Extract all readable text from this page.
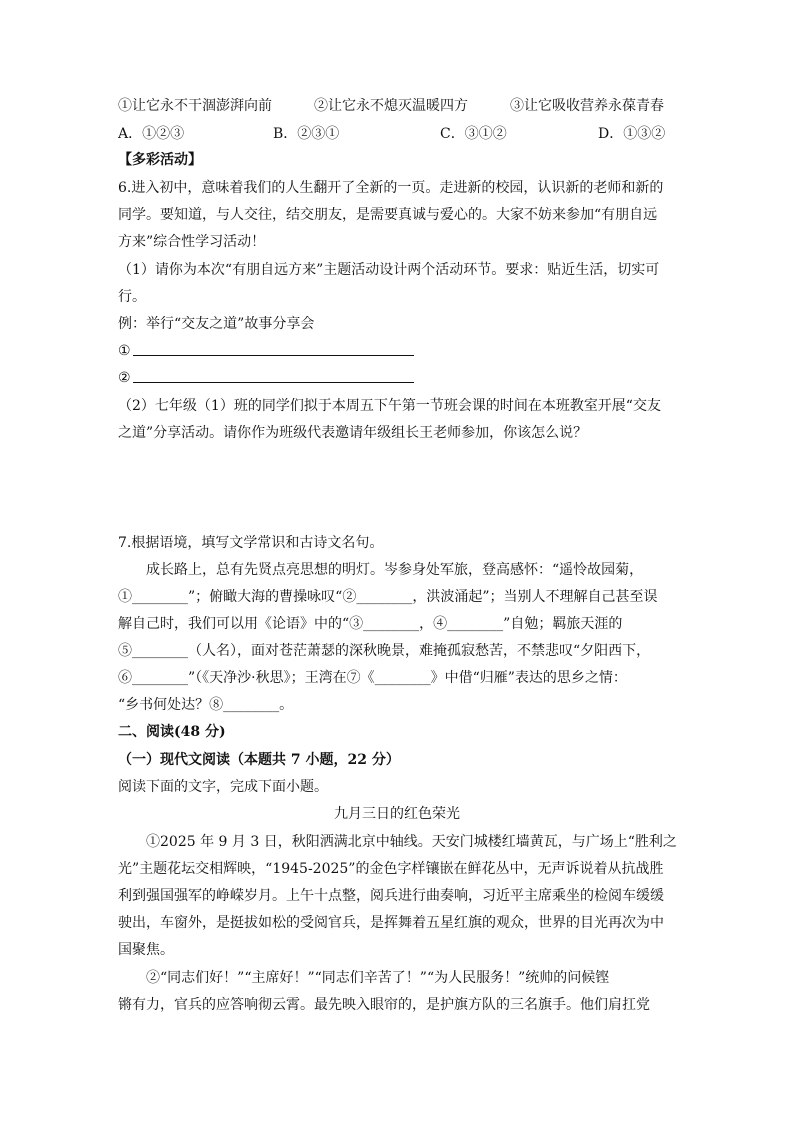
①让它永不干涸澎湃向前　　　②让它永不熄灭温暖四方　　　③让它吸收营养永葆青春
A．①②③	B．②③①	C．③①②	D．①③②
【多彩活动】
6.进入初中，意味着我们的人生翻开了全新的一页。走进新的校园，认识新的老师和新的
同学。要知道，与人交往，结交朋友，是需要真诚与爱心的。大家不妨来参加“有朋自远
方来”综合性学习活动！
（1）请你为本次“有朋自远方来”主题活动设计两个活动环节。要求：贴近生活，切实可
行。
例：举行“交友之道”故事分享会
①
②
（2）七年级（1）班的同学们拟于本周五下午第一节班会课的时间在本班教室开展“交友
之道”分享活动。请你作为班级代表邀请年级组长王老师参加，你该怎么说？
7.根据语境，填写文学常识和古诗文名句。
　　成长路上，总有先贤点亮思想的明灯。岑参身处军旅，登高感怀：“遥怜故园菊，
①________”；俯瞰大海的曹操咏叹“②________，洪波涌起”；当别人不理解自己甚至误
解自己时，我们可以用《论语》中的“③________，④________”自勉；羁旅天涯的
⑤________（人名），面对苍茫萧瑟的深秋晚景，难掩孤寂愁苦，不禁悲叹“夕阳西下，
⑥________”（《天净沙·秋思》；王湾在⑦《________》中借“归雁”表达的思乡之情：
“乡书何处达？⑧________。
二、阅读(48 分)
（一）现代文阅读（本题共 7 小题，22 分）
阅读下面的文字，完成下面小题。
九月三日的红色荣光
　　①2025 年 9 月 3 日，秋阳洒满北京中轴线。天安门城楼红墙黄瓦，与广场上“胜利之
光”主题花坛交相辉映，“1945-2025”的金色字样镶嵌在鲜花丛中，无声诉说着从抗战胜
利到强国强军的峥嵘岁月。上午十点整，阅兵进行曲奏响，习近平主席乘坐的检阅车缓缓
驶出，车窗外，是挺拔如松的受阅官兵，是挥舞着五星红旗的观众，世界的目光再次为中
国聚焦。
　　②“同志们好！”“主席好！”“同志们辛苦了！”“为人民服务！”统帅的问候铿
锵有力，官兵的应答响彻云霄。最先映入眼帘的，是护旗方队的三名旗手。他们肩扛党
